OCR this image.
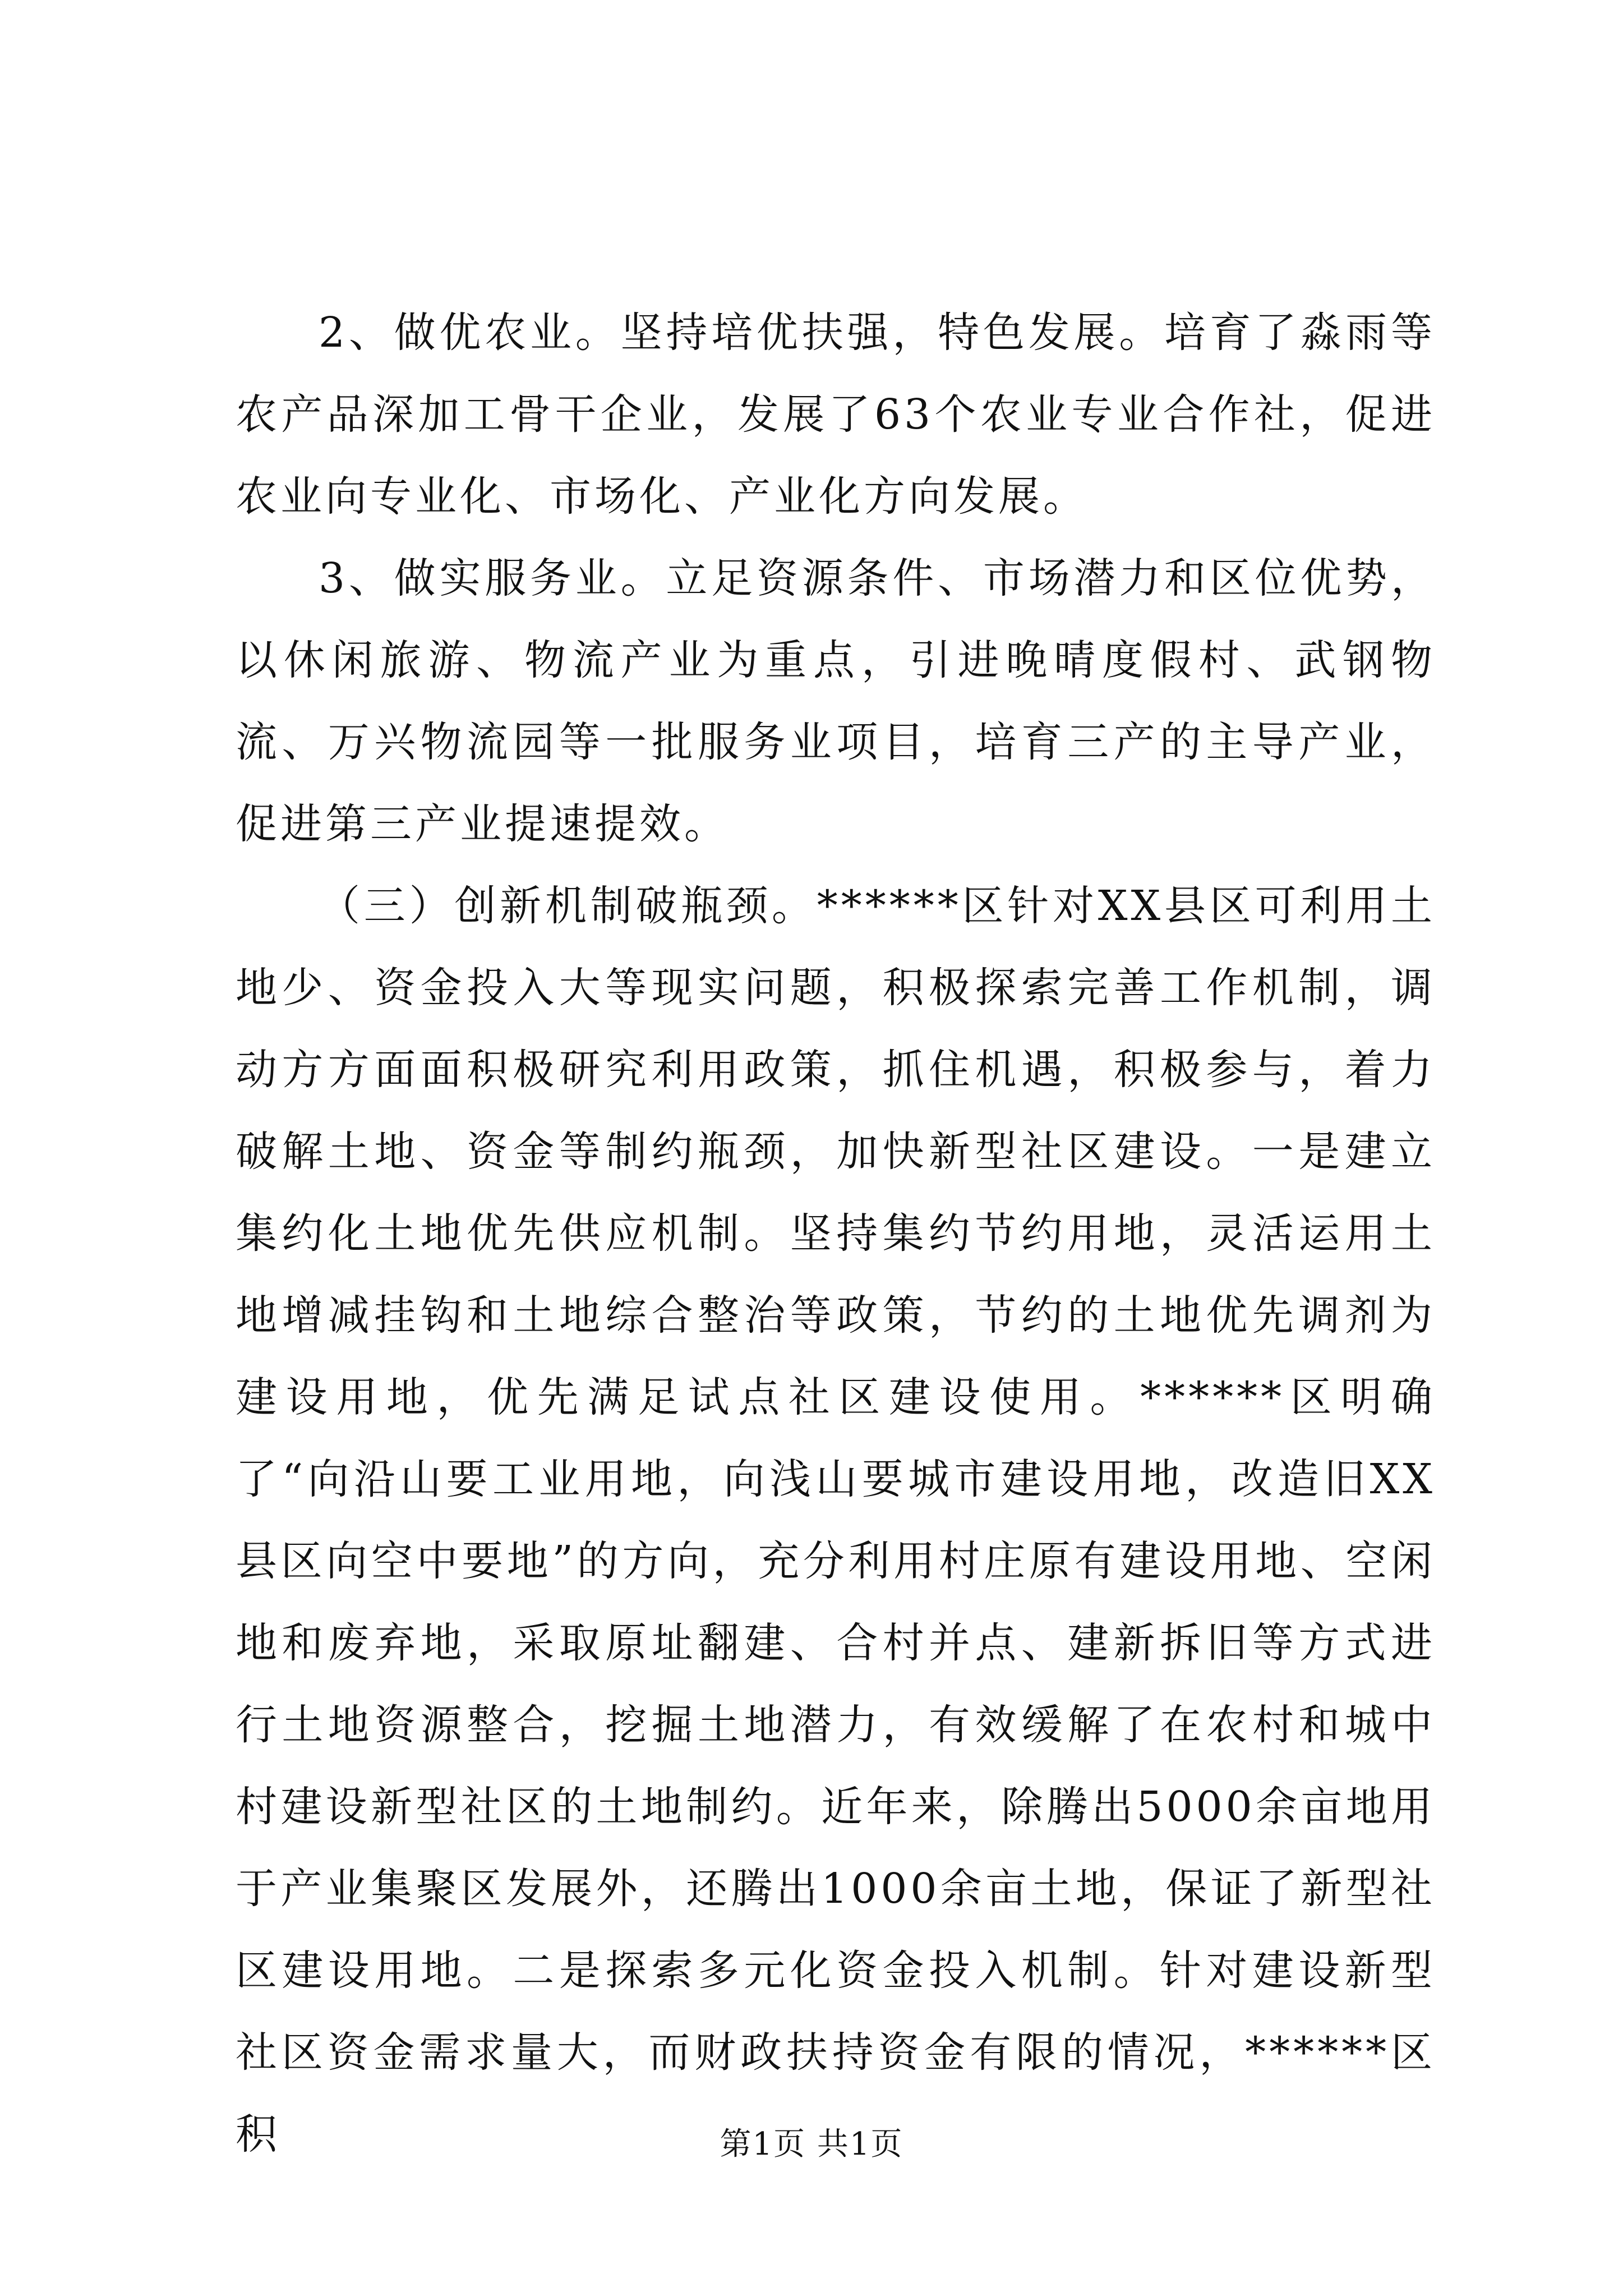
2、做优农业。坚持培优扶强，特色发展。培育了淼雨等农产品深加工骨干企业，发展了63个农业专业合作社，促进农业向专业化、市场化、产业化方向发展。

3、做实服务业。立足资源条件、市场潜力和区位优势，以休闲旅游、物流产业为重点，引进晚晴度假村、武钢物流、万兴物流园等一批服务业项目，培育三产的主导产业，促进第三产业提速提效。

（三）创新机制破瓶颈。******区针对XX县区可利用土地少、资金投入大等现实问题，积极探索完善工作机制，调动方方面面积极研究利用政策，抓住机遇，积极参与，着力破解土地、资金等制约瓶颈，加快新型社区建设。一是建立集约化土地优先供应机制。坚持集约节约用地，灵活运用土地增减挂钩和土地综合整治等政策，节约的土地优先调剂为建设用地，优先满足试点社区建设使用。******区明确了“向沿山要工业用地，向浅山要城市建设用地，改造旧XX县区向空中要地”的方向，充分利用村庄原有建设用地、空闲地和废弃地，采取原址翻建、合村并点、建新拆旧等方式进行土地资源整合，挖掘土地潜力，有效缓解了在农村和城中村建设新型社区的土地制约。近年来，除腾出5000余亩地用于产业集聚区发展外，还腾出1000余亩土地，保证了新型社区建设用地。二是探索多元化资金投入机制。针对建设新型社区资金需求量大，而财政扶持资金有限的情况，******区积	第1页 共1页
